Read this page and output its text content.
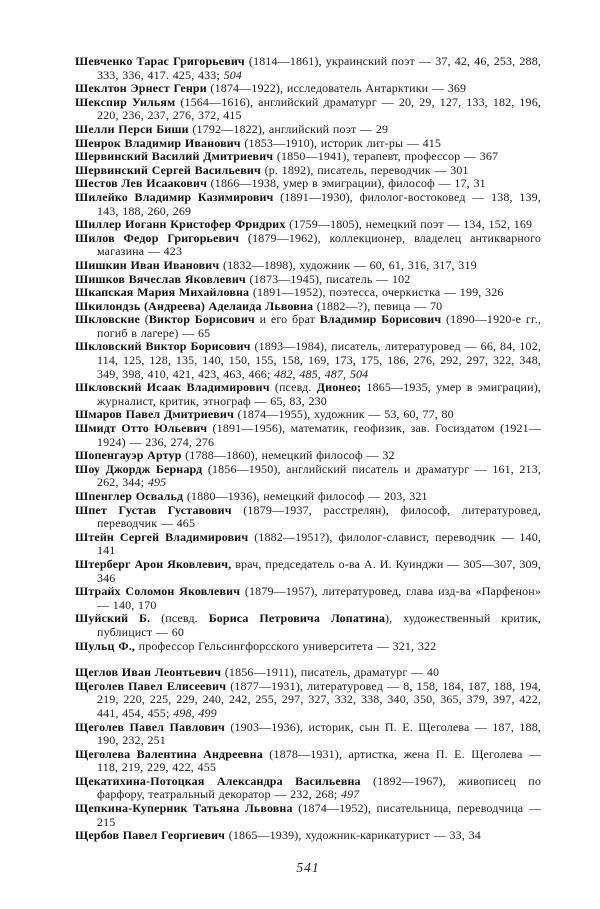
Шевченко Тарас Григорьевич (1814—1861), украинский поэт — 37, 42, 46, 253, 288, 333, 336, 417. 425, 433; 504

Шеклтон Эрнест Генри (1874—1922), исследователь Антарктики — 369

Шекспир Уильям (1564—1616), английский драматург — 20, 29, 127, 133, 182, 196, 220, 236, 237, 276, 372, 415

Шелли Перси Биши (1792—1822), английский поэт — 29

Шенрок Владимир Иванович (1853—1910), историк лит-ры — 415

Шервинский Василий Дмитриевич (1850—1941), терапевт, профессор — 367

Шервинский Сергей Васильевич (р. 1892), писатель, переводчик — 301

Шестов Лев Исаакович (1866—1938, умер в эмиграции), философ — 17, 31

Шилейко Владимир Казимирович (1891—1930), филолог-востоковед — 138, 139, 143, 188, 260, 269

Шиллер Иоганн Кристофер Фридрих (1759—1805), немецкий поэт — 134, 152, 169

Шилов Федор Григорьевич (1879—1962), коллекционер, владелец антикварного магазина — 423

Шишкин Иван Иванович (1832—1898), художник — 60, 61, 316, 317, 319

Шишков Вячеслав Яковлевич (1873—1945), писатель — 102

Шкапская Мария Михайловна (1891—1952), поэтесса, очеркистка — 199, 326

Шкилондзь (Андреева) Аделаида Львовна (1882—?), певица — 70

Шкловские (Виктор Борисович и его брат Владимир Борисович (1890—1920-е гг., погиб в лагере) — 65

Шкловский Виктор Борисович (1893—1984), писатель, литературовед — 66, 84, 102, 114, 125, 128, 135, 140, 150, 155, 158, 169, 173, 175, 186, 276, 292, 297, 322, 348, 349, 398, 410, 421, 423, 463, 466; 482, 485, 487, 504

Шкловский Исаак Владимирович (псевд. Дионео; 1865—1935, умер в эмиграции), журналист, критик, этнограф — 65, 83, 230

Шмаров Павел Дмитриевич (1874—1955), художник — 53, 60, 77, 80

Шмидт Отто Юльевич (1891—1956), математик, геофизик, зав. Госиздатом (1921—1924) — 236, 274, 276

Шопенгауэр Артур (1788—1860), немецкий философ — 32

Шоу Джордж Бернард (1856—1950), английский писатель и драматург — 161, 213, 262, 344; 495

Шпенглер Освальд (1880—1936), немецкий философ — 203, 321

Шпет Густав Густавович (1879—1937, расстрелян), философ, литературовед, переводчик — 465

Штейн Сергей Владимирович (1882—1951?), филолог-славист, переводчик — 140, 141

Штерберг Арон Яковлевич, врач, председатель о-ва А. И. Куинджи — 305—307, 309, 346

Штрайх Соломон Яковлевич (1879—1957), литературовед, глава изд-ва «Парфенон» — 140, 170

Шуйский Б. (псевд. Бориса Петровича Лопатина), художественный критик, публицист — 60

Шульц Ф., профессор Гельсингфорсского университета — 321, 322

Щеглов Иван Леонтьевич (1856—1911), писатель, драматург — 40

Щеголев Павел Елисеевич (1877—1931), литературовед — 8, 158, 184, 187, 188, 194, 219, 220, 225, 229, 240, 242, 255, 297, 327, 332, 338, 340, 350, 365, 379, 397, 422, 441, 454, 455; 498, 499

Щеголев Павел Павлович (1903—1936), историк, сын П. Е. Щеголева — 187, 188, 190, 232, 251

Щеголева Валентина Андреевна (1878—1931), артистка, жена П. Е. Щеголева — 118, 219, 229, 422, 455

Щекатихина-Потоцкая Александра Васильевна (1892—1967), живописец по фарфору, театральный декоратор — 232, 268; 497

Щепкина-Куперник Татьяна Львовна (1874—1952), писательница, переводчица — 215

Щербов Павел Георгиевич (1865—1939), художник-карикатурист — 33, 34

541
